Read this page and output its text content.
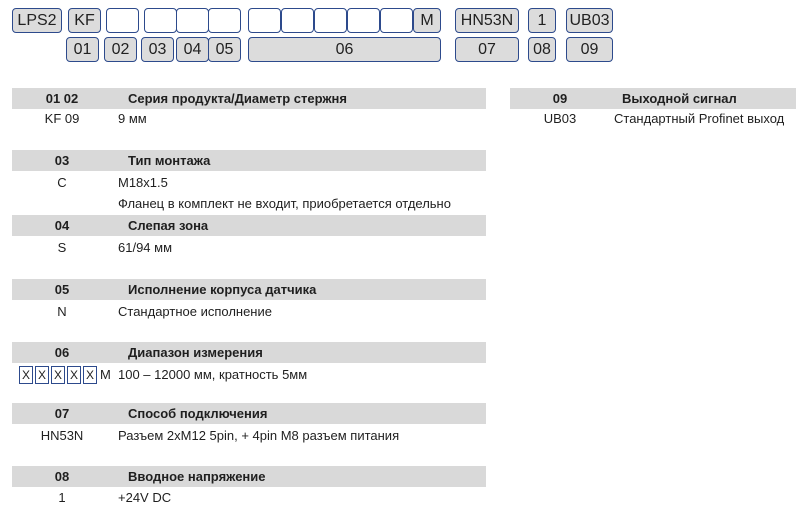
LPS2 KF	M HN53N 1 UB03
01 02 03 04 05	06	07 08 09
01 02	Серия продукта/Диаметр стержня
KF 09	9 мм
09	Выходной сигнал
UB03	Стандартный Profinet выход
03	Тип монтажа
C	M18x1.5
Фланец в комплект не входит, приобретается отдельно
04	Слепая зона
S	61/94 мм
05	Исполнение корпуса датчика
N	Стандартное исполнение
06	Диапазон измерения
X X X X X M 100 – 12000 мм, кратность 5мм
07	Способ подключения
HN53N	Разъем 2xM12 5pin, + 4pin M8 разъем питания
08	Вводное напряжение
1	+24V DC
